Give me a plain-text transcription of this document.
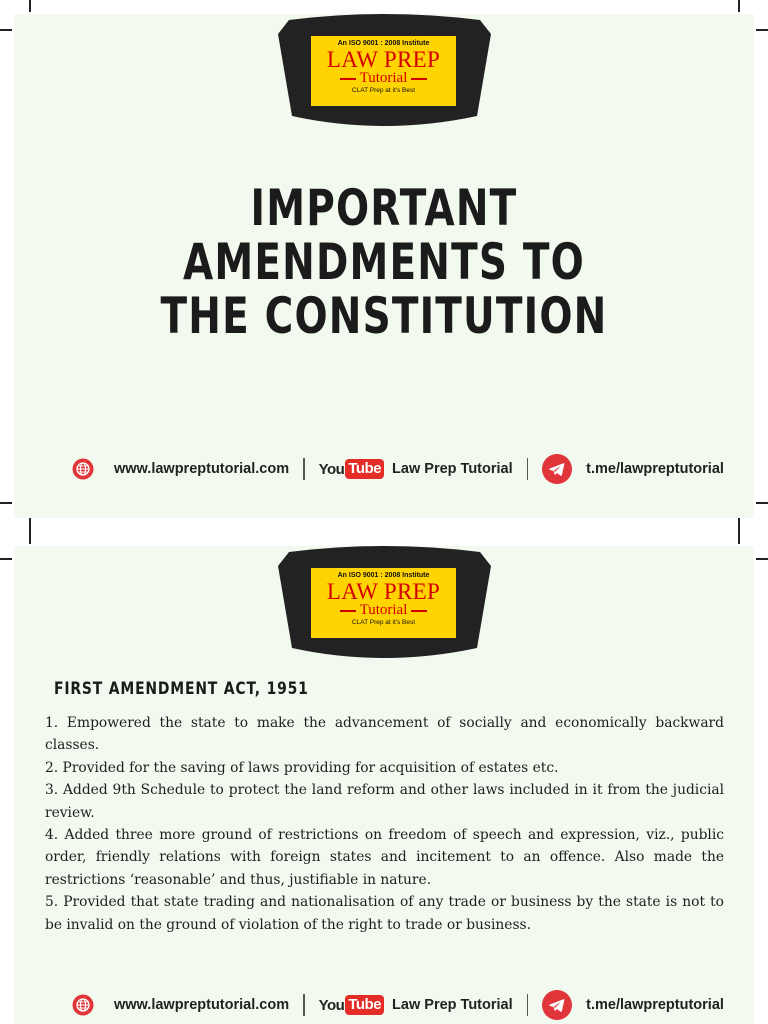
An ISO 9001 : 2008 Institute
LAW PREP
Tutorial
CLAT Prep at it's Best
IMPORTANT
AMENDMENTS TO
THE CONSTITUTION
www.lawpreptutorial.com You Tube Law Prep Tutorial	t.me/lawpreptutorial
An ISO 9001 : 2008 Institute
LAW PREP
Tutorial
CLAT Prep at it's Best
FIRST AMENDMENT ACT, 1951
1. Empowered the state to make the advancement of socially and economically backward classes.
2. Provided for the saving of laws providing for acquisition of estates etc.
3. Added 9th Schedule to protect the land reform and other laws included in it from the judicial review.
4. Added three more ground of restrictions on freedom of speech and expression, viz., public order, friendly relations with foreign states and incitement to an offence. Also made the restrictions ‘reasonable’ and thus, justifiable in nature.
5. Provided that state trading and nationalisation of any trade or business by the state is not to be invalid on the ground of violation of the right to trade or business.
www.lawpreptutorial.com You Tube Law Prep Tutorial	t.me/lawpreptutorial
